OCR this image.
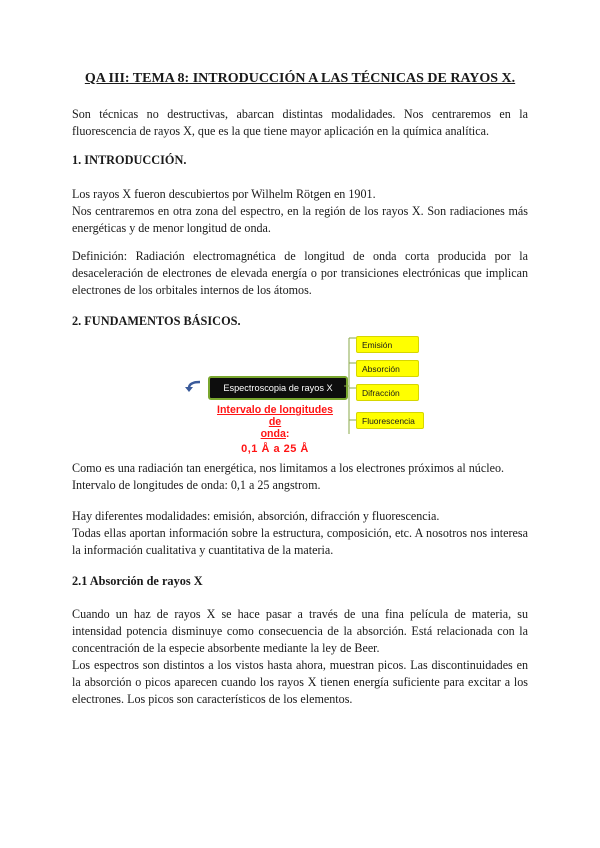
QA III: TEMA 8: INTRODUCCIÓN A LAS TÉCNICAS DE RAYOS X.

Son técnicas no destructivas, abarcan distintas modalidades. Nos centraremos en la
fluorescencia de rayos X, que es la que tiene mayor aplicación en la química analítica.

1. INTRODUCCIÓN.

Los rayos X fueron descubiertos por Wilhelm Rötgen en 1901.
Nos centraremos en otra zona del espectro, en la región de los rayos X. Son radiaciones más
energéticas y de menor longitud de onda.

Definición: Radiación electromagnética de longitud de onda corta producida por la
desaceleración de electrones de elevada energía o por transiciones electrónicas que implican
electrones de los orbitales internos de los átomos.

2. FUNDAMENTOS BÁSICOS.
Espectroscopia de rayos X
Emisión
Absorción
Difracción
Fluorescencia
Intervalo de longitudes de
onda:
0,1 Å a 25 Å

Como es una radiación tan energética, nos limitamos a los electrones próximos al núcleo.
Intervalo de longitudes de onda: 0,1 a 25 angstrom.

Hay diferentes modalidades: emisión, absorción, difracción y fluorescencia.
Todas ellas aportan información sobre la estructura, composición, etc. A nosotros nos interesa
la información cualitativa y cuantitativa de la materia.

2.1 Absorción de rayos X

Cuando un haz de rayos X se hace pasar a través de una fina película de materia, su
intensidad potencia disminuye como consecuencia de la absorción. Está relacionada con la
concentración de la especie absorbente mediante la ley de Beer.
Los espectros son distintos a los vistos hasta ahora, muestran picos. Las discontinuidades en
la absorción o picos aparecen cuando los rayos X tienen energía suficiente para excitar a los
electrones. Los picos son característicos de los elementos.
